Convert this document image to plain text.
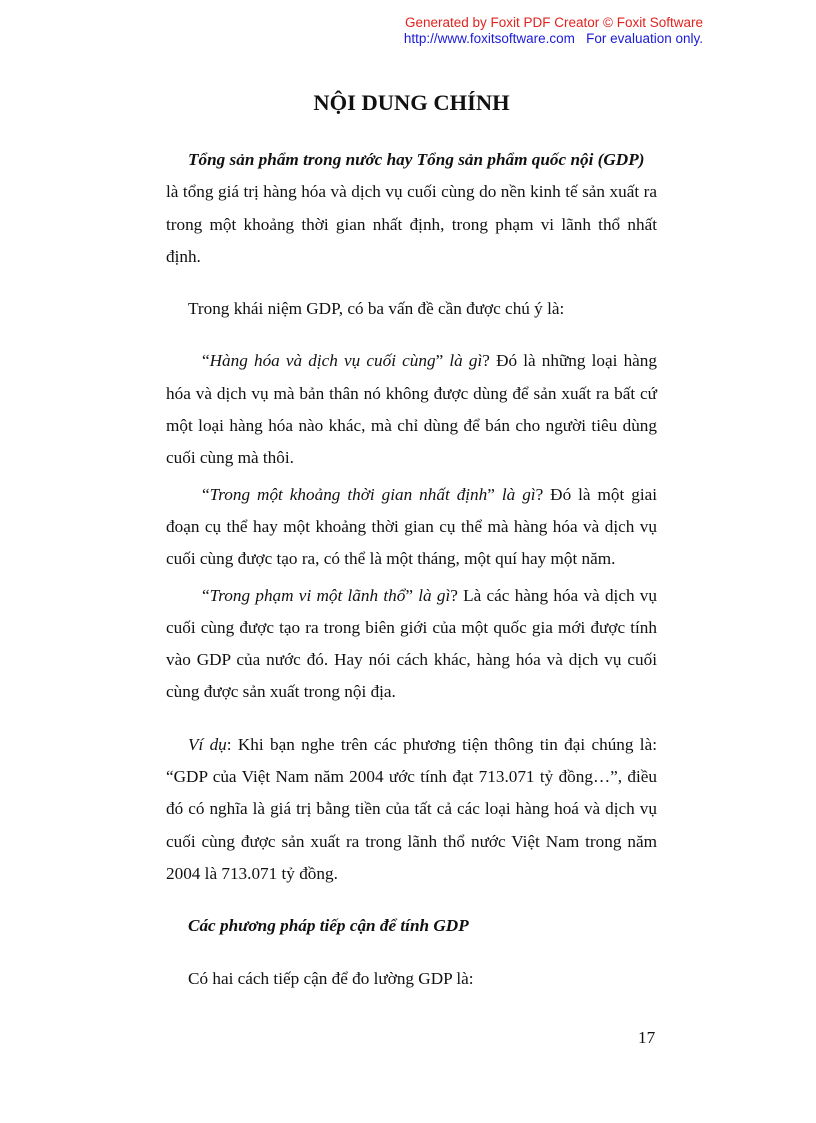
Generated by Foxit PDF Creator © Foxit Software
http://www.foxitsoftware.com For evaluation only.
NỘI DUNG CHÍNH

Tổng sản phẩm trong nước hay Tổng sản phẩm quốc nội (GDP)
là tổng giá trị hàng hóa và dịch vụ cuối cùng do nền kinh tế sản xuất ra trong một khoảng thời gian nhất định, trong phạm vi lãnh thổ nhất định.

Trong khái niệm GDP, có ba vấn đề cần được chú ý là:

“Hàng hóa và dịch vụ cuối cùng” là gì? Đó là những loại hàng hóa và dịch vụ mà bản thân nó không được dùng để sản xuất ra bất cứ một loại hàng hóa nào khác, mà chỉ dùng để bán cho người tiêu dùng cuối cùng mà thôi.

“Trong một khoảng thời gian nhất định” là gì? Đó là một giai đoạn cụ thể hay một khoảng thời gian cụ thể mà hàng hóa và dịch vụ cuối cùng được tạo ra, có thể là một tháng, một quí hay một năm.

“Trong phạm vi một lãnh thổ” là gì? Là các hàng hóa và dịch vụ cuối cùng được tạo ra trong biên giới của một quốc gia mới được tính vào GDP của nước đó. Hay nói cách khác, hàng hóa và dịch vụ cuối cùng được sản xuất trong nội địa.

Ví dụ: Khi bạn nghe trên các phương tiện thông tin đại chúng là: “GDP của Việt Nam năm 2004 ước tính đạt 713.071 tỷ đồng…”, điều đó có nghĩa là giá trị bằng tiền của tất cả các loại hàng hoá và dịch vụ cuối cùng được sản xuất ra trong lãnh thổ nước Việt Nam trong năm 2004 là 713.071 tỷ đồng.

Các phương pháp tiếp cận để tính GDP

Có hai cách tiếp cận để đo lường GDP là:

17
